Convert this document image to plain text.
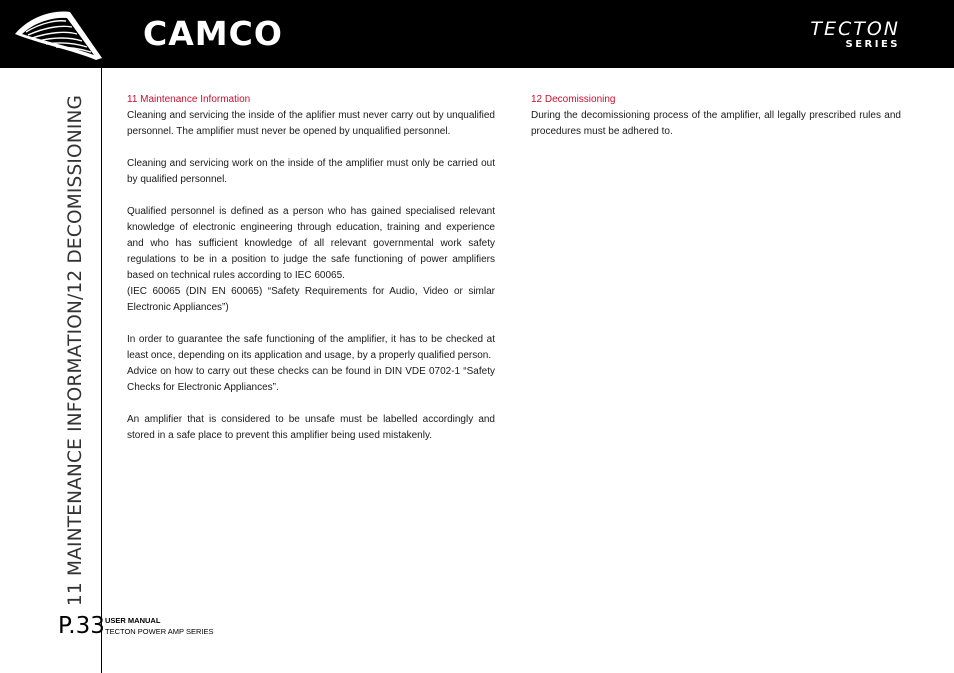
CAMCO	TECTON
SERIES
11 MAINTENANCE INFORMATION/12 DECOMISSIONING
P.33 USER MANUAL
TECTON POWER AMP SERIES
11 Maintenance Information

Cleaning and servicing the inside of the aplifier must never carry out by unqualified personnel. The amplifier must never be opened by unqualified personnel.

Cleaning and servicing work on the inside of the amplifier must only be carried out by qualified personnel.

Qualified personnel is defined as a person who has gained specialised relevant knowledge of electronic engineering through education, training and experience and who has sufficient knowledge of all relevant governmental work safety regulations to be in a position to judge the safe functioning of power amplifiers based on technical rules according to IEC 60065.

(IEC 60065 (DIN EN 60065) “Safety Requirements for Audio, Video or simlar Electronic Appliances”)

In order to guarantee the safe functioning of the amplifier, it has to be checked at least once, depending on its application and usage, by a properly qualified person.

Advice on how to carry out these checks can be found in DIN VDE 0702-1 “Safety Checks for Electronic Appliances”.

An amplifier that is considered to be unsafe must be labelled accordingly and stored in a safe place to prevent this amplifier being used mistakenly.

12 Decomissioning

During the decomissioning process of the amplifier, all legally prescribed rules and procedures must be adhered to.
